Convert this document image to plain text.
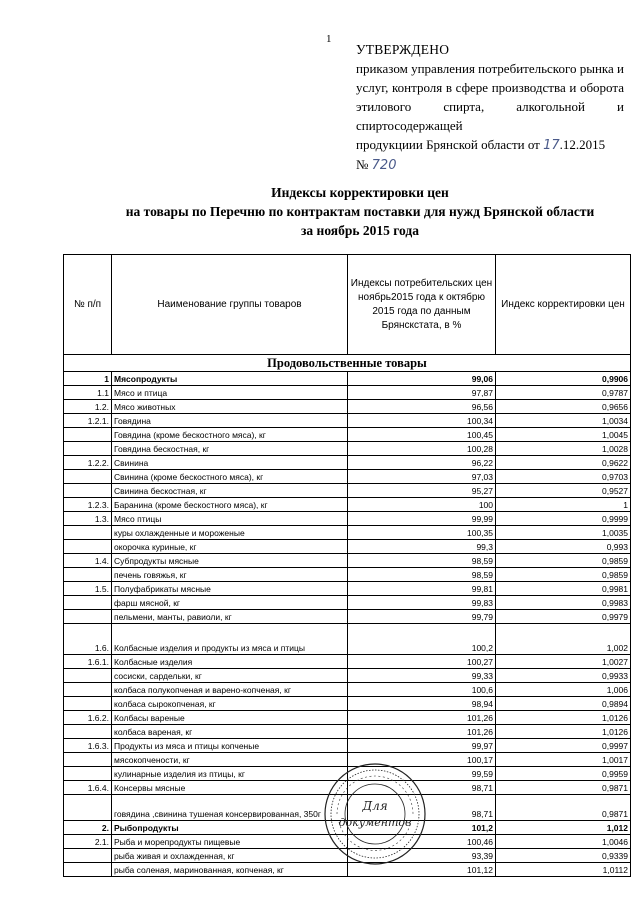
1
УТВЕРЖДЕНО

приказом управления потребительского рынка и услуг, контроля в сфере производства и оборота этилового спирта, алкогольной и спиртосодержащей

продукциии Брянской области от 17.12.2015
№ 720
Индексы корректировки цен
на товары по Перечню по контрактам поставки для нужд Брянской области
за ноябрь 2015 года
№ п/п	Наименование группы товаров	Индексы потребительских цен ноябрь2015 года к октябрю 2015 года по данным Брянскстата, в %	Индекс корректировки цен
Продовольственные товары			
1	Мясопродукты	99,06	0,9906
1.1	Мясо и птица	97,87	0,9787
1.2.	Мясо животных	96,56	0,9656
1.2.1.	Говядина	100,34	1,0034
	Говядина (кроме бескостного мяса), кг	100,45	1,0045
	Говядина бескостная, кг	100,28	1,0028
1.2.2.	Свинина	96,22	0,9622
	Свинина (кроме бескостного мяса), кг	97,03	0,9703
	Свинина бескостная, кг	95,27	0,9527
1.2.3.	Баранина (кроме бескостного мяса), кг	100	1
1.3.	Мясо птицы	99,99	0,9999
	куры охлажденные и мороженые	100,35	1,0035
	окорочка куриные, кг	99,3	0,993
1.4.	Субпродукты мясные	98,59	0,9859
	печень говяжья, кг	98,59	0,9859
1.5.	Полуфабрикаты мясные	99,81	0,9981
	фарш мясной, кг	99,83	0,9983
	пельмени, манты, равиоли, кг	99,79	0,9979
1.6.	Колбасные изделия и продукты из мяса и птицы	100,2	1,002
1.6.1.	Колбасные изделия	100,27	1,0027
	сосиски, сардельки, кг	99,33	0,9933
	колбаса полукопченая и варено-копченая, кг	100,6	1,006
	колбаса сырокопченая, кг	98,94	0,9894
1.6.2.	Колбасы вареные	101,26	1,0126
	колбаса вареная, кг	101,26	1,0126
1.6.3.	Продукты из мяса и птицы копченые	99,97	0,9997
	мясокопчености, кг	100,17	1,0017
	кулинарные изделия из птицы, кг	99,59	0,9959
1.6.4.	Консервы мясные	98,71	0,9871
	говядина ,свинина тушеная консервированная, 350г	98,71	0,9871
2.	Рыбопродукты	101,2	1,012
2.1.	Рыба и морепродукты пищевые	100,46	1,0046
	рыба живая и охлажденная, кг	93,39	0,9339
	рыба соленая, маринованная, копченая, кг	101,12	1,0112
Для
документов
